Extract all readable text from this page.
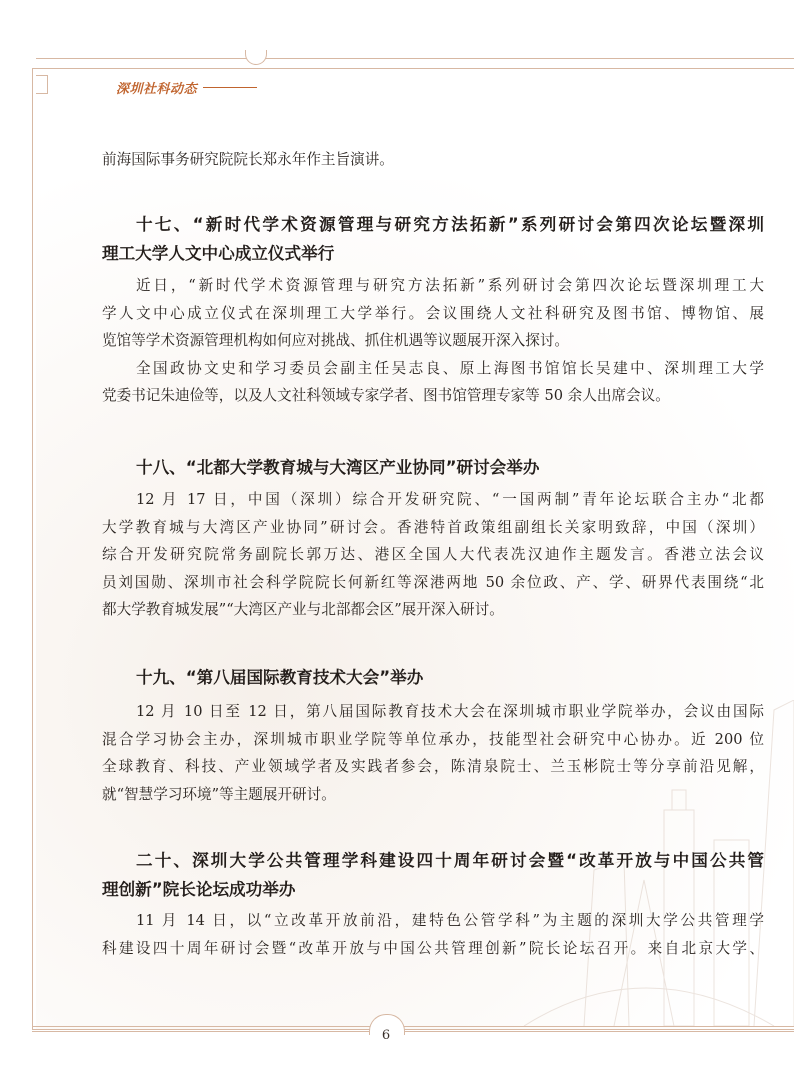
深圳社科动态
前海国际事务研究院院长郑永年作主旨演讲。
十七、“新时代学术资源管理与研究方法拓新”系列研讨会第四次论坛暨深圳
理工大学人文中心成立仪式举行
近日，“新时代学术资源管理与研究方法拓新”系列研讨会第四次论坛暨深圳理工大
学人文中心成立仪式在深圳理工大学举行。会议围绕人文社科研究及图书馆、博物馆、展
览馆等学术资源管理机构如何应对挑战、抓住机遇等议题展开深入探讨。
全国政协文史和学习委员会副主任吴志良、原上海图书馆馆长吴建中、深圳理工大学
党委书记朱迪俭等，以及人文社科领域专家学者、图书馆管理专家等 50 余人出席会议。
十八、“北都大学教育城与大湾区产业协同”研讨会举办
12 月 17 日，中国（深圳）综合开发研究院、“一国两制”青年论坛联合主办“北都
大学教育城与大湾区产业协同”研讨会。香港特首政策组副组长关家明致辞，中国（深圳）
综合开发研究院常务副院长郭万达、港区全国人大代表冼汉迪作主题发言。香港立法会议
员刘国勋、深圳市社会科学院院长何新红等深港两地 50 余位政、产、学、研界代表围绕“北
都大学教育城发展”“大湾区产业与北部都会区”展开深入研讨。
十九、“第八届国际教育技术大会”举办
12 月 10 日至 12 日，第八届国际教育技术大会在深圳城市职业学院举办，会议由国际
混合学习协会主办，深圳城市职业学院等单位承办，技能型社会研究中心协办。近 200 位
全球教育、科技、产业领域学者及实践者参会，陈清泉院士、兰玉彬院士等分享前沿见解，
就“智慧学习环境”等主题展开研讨。
二十、深圳大学公共管理学科建设四十周年研讨会暨“改革开放与中国公共管
理创新”院长论坛成功举办
11 月 14 日，以“立改革开放前沿，建特色公管学科”为主题的深圳大学公共管理学
科建设四十周年研讨会暨“改革开放与中国公共管理创新”院长论坛召开。来自北京大学、
6
